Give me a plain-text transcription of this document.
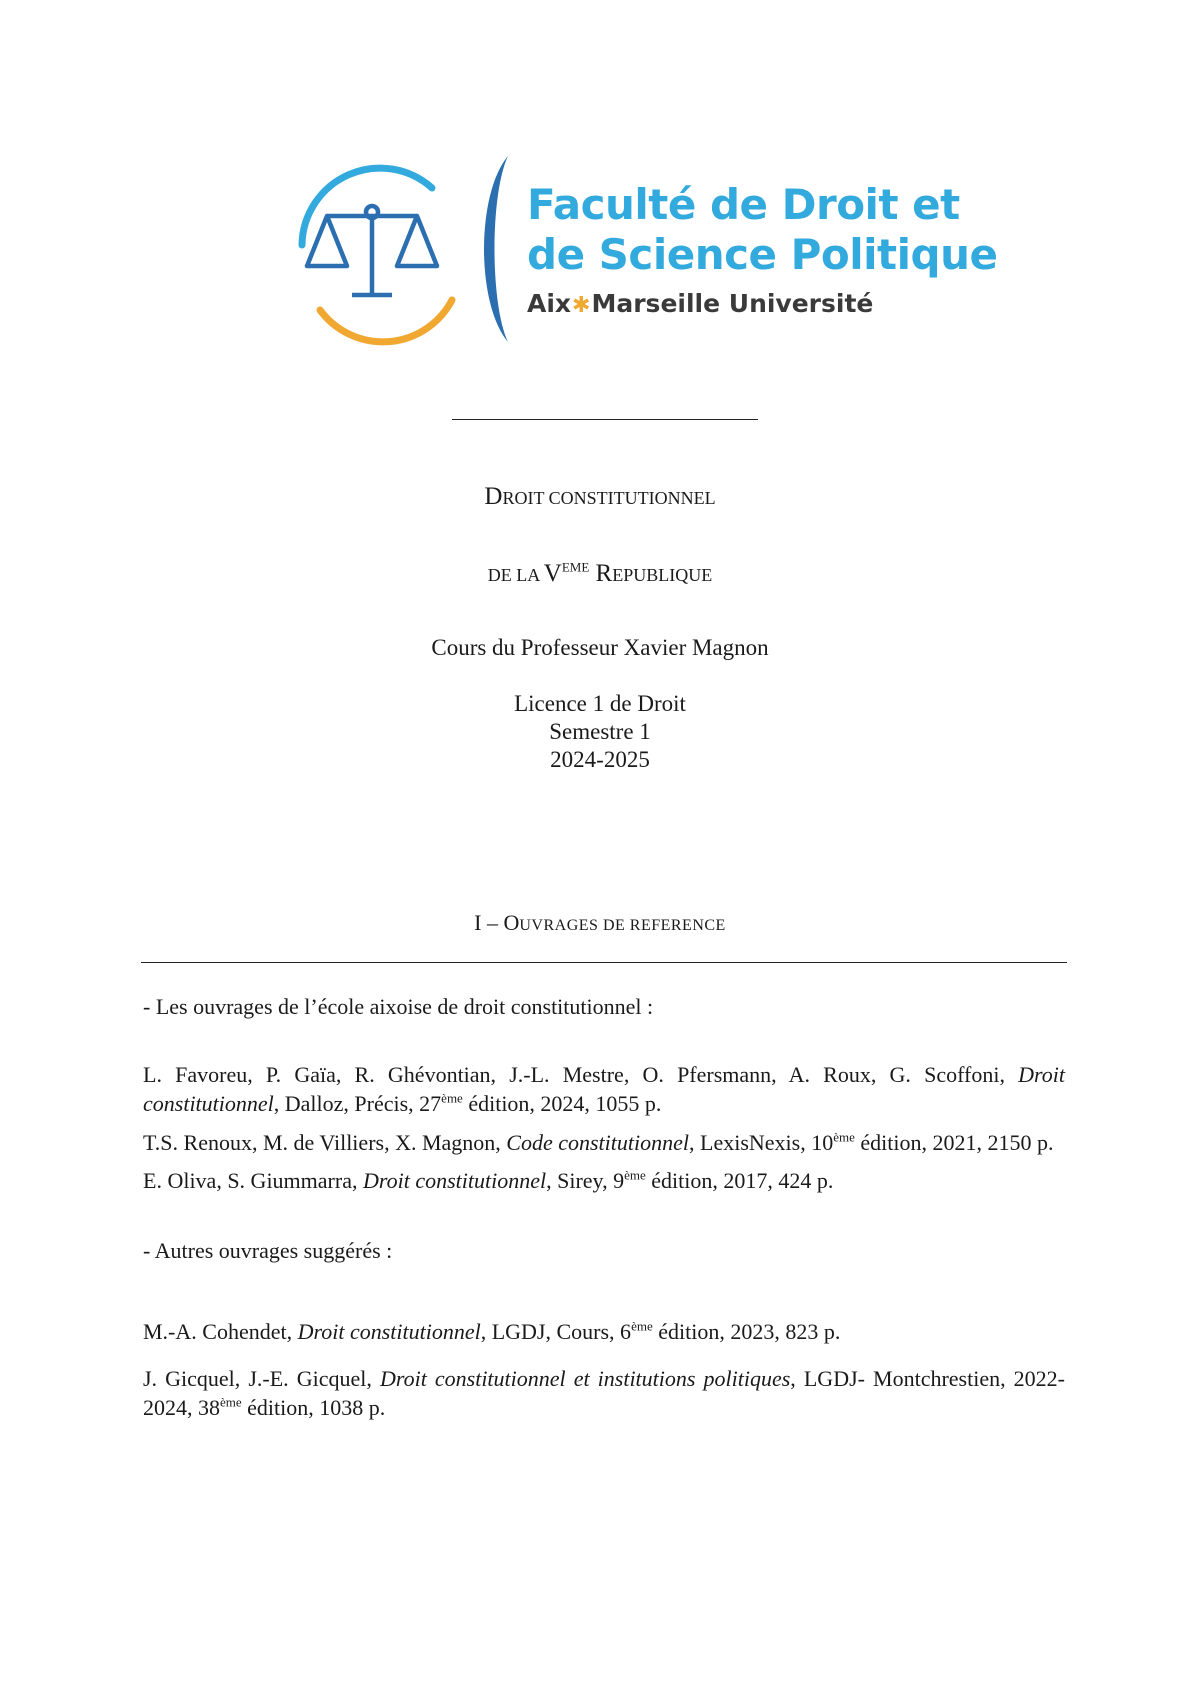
Faculté de Droit et
de Science Politique
Aix✱Marseille Université
DROIT CONSTITUTIONNEL
DE LA VEME REPUBLIQUE
Cours du Professeur Xavier Magnon
Licence 1 de Droit
Semestre 1
2024-2025
I – OUVRAGES DE REFERENCE
- Les ouvrages de l’école aixoise de droit constitutionnel :
L. Favoreu, P. Gaïa, R. Ghévontian, J.-L. Mestre, O. Pfersmann, A. Roux, G. Scoffoni, Droit constitutionnel, Dalloz, Précis, 27ème édition, 2024, 1055 p.
T.S. Renoux, M. de Villiers, X. Magnon, Code constitutionnel, LexisNexis, 10ème édition, 2021, 2150 p.
E. Oliva, S. Giummarra, Droit constitutionnel, Sirey, 9ème édition, 2017, 424 p.
- Autres ouvrages suggérés :
M.-A. Cohendet, Droit constitutionnel, LGDJ, Cours, 6ème édition, 2023, 823 p.
J. Gicquel, J.-E. Gicquel, Droit constitutionnel et institutions politiques, LGDJ- Montchrestien, 2022-2024, 38ème édition, 1038 p.
